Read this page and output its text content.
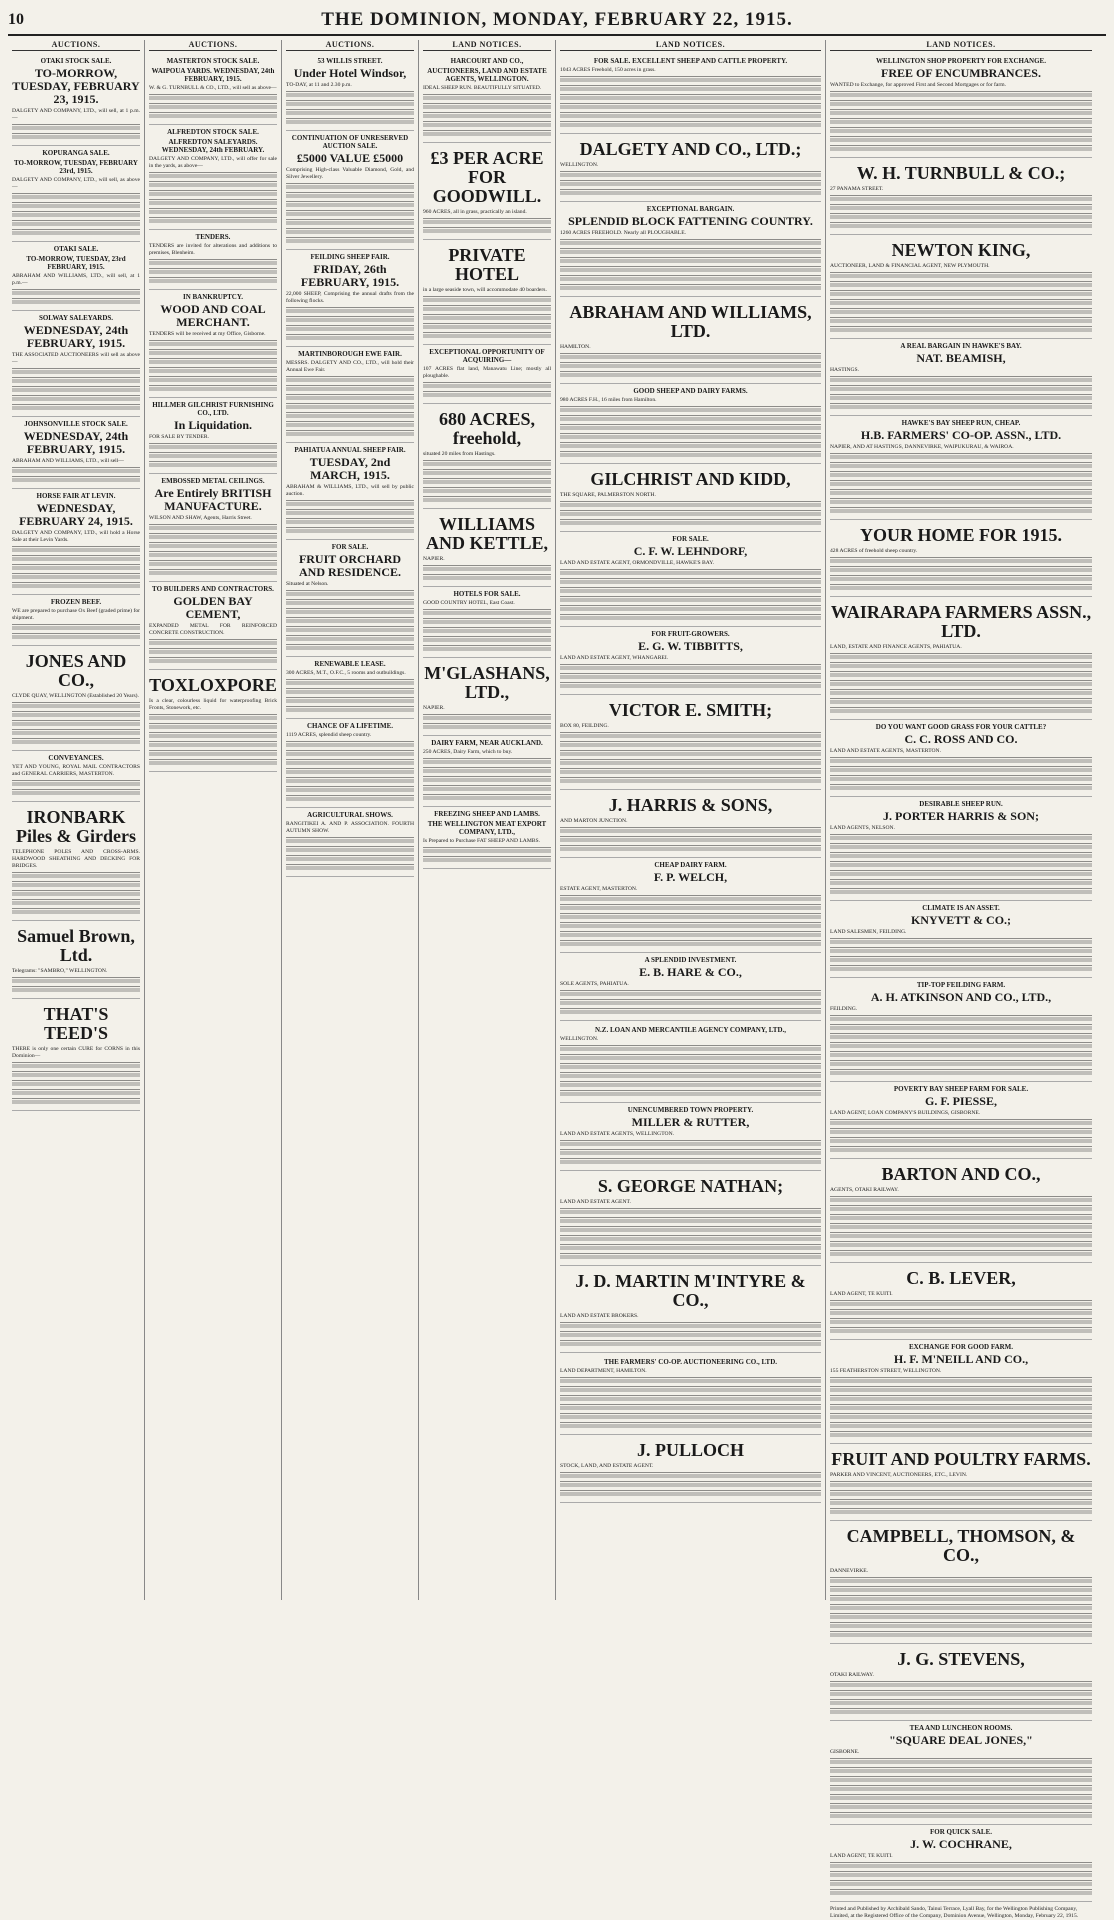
10	THE DOMINION, MONDAY, FEBRUARY 22, 1915.
AUCTIONS.
OTAKI STOCK SALE.
TO-MORROW, TUESDAY, FEBRUARY 23, 1915.

DALGETY AND COMPANY, LTD., will sell, at 1 p.m.—

KOPURANGA SALE.
TO-MORROW, TUESDAY, FEBRUARY 23rd, 1915.

DALGETY AND COMPANY, LTD., will sell, as above—

OTAKI SALE.
TO-MORROW, TUESDAY, 23rd FEBRUARY, 1915.

ABRAHAM AND WILLIAMS, LTD., will sell, at 1 p.m.—

SOLWAY SALEYARDS.
WEDNESDAY, 24th FEBRUARY, 1915.

THE ASSOCIATED AUCTIONEERS will sell as above—

JOHNSONVILLE STOCK SALE.
WEDNESDAY, 24th FEBRUARY, 1915.

ABRAHAM AND WILLIAMS, LTD., will sell—

HORSE FAIR AT LEVIN.
WEDNESDAY, FEBRUARY 24, 1915.

DALGETY AND COMPANY, LTD., will hold a Horse Sale at their Levin Yards.

FROZEN BEEF.

WE are prepared to purchase Ox Beef (graded prime) for shipment.

JONES AND CO.,

CLYDE QUAY, WELLINGTON (Established 20 Years).

CONVEYANCES.

YET AND YOUNG, ROYAL MAIL CONTRACTORS and GENERAL CARRIERS, MASTERTON.

IRONBARK Piles & Girders

TELEPHONE POLES AND CROSS-ARMS. HARDWOOD SHEATHING AND DECKING FOR BRIDGES.

Samuel Brown, Ltd.

Telegrams: "SAMBRO," WELLINGTON.

THAT'S TEED'S

THERE is only one certain CURE for CORNS in this Dominion—

AUCTIONS.
MASTERTON STOCK SALE.
WAIPOUA YARDS. WEDNESDAY, 24th FEBRUARY, 1915.

W. & G. TURNBULL & CO., LTD., will sell as above—

ALFREDTON STOCK SALE.
ALFREDTON SALEYARDS. WEDNESDAY, 24th FEBRUARY.

DALGETY AND COMPANY, LTD., will offer for sale in the yards, as above—

TENDERS.

TENDERS are invited for alterations and additions to premises, Blenheim.

IN BANKRUPTCY.
WOOD AND COAL MERCHANT.

TENDERS will be received at my Office, Gisborne.

HILLMER GILCHRIST FURNISHING CO., LTD.
In Liquidation.

FOR SALE BY TENDER.

EMBOSSED METAL CEILINGS.
Are Entirely BRITISH MANUFACTURE.

WILSON AND SHAW, Agents, Harris Street.

TO BUILDERS AND CONTRACTORS.
GOLDEN BAY CEMENT,

EXPANDED METAL FOR REINFORCED CONCRETE CONSTRUCTION.

TOXLOXPORE

Is a clear, colourless liquid for waterproofing Brick Fronts, Stonework, etc.

AUCTIONS.
53 WILLIS STREET.
Under Hotel Windsor,

TO-DAY, at 11 and 2.30 p.m.

CONTINUATION OF UNRESERVED AUCTION SALE.
£5000 VALUE £5000

Comprising High-class Valuable Diamond, Gold, and Silver Jewellery.

FEILDING SHEEP FAIR.
FRIDAY, 26th FEBRUARY, 1915.

22,000 SHEEP, Comprising the annual drafts from the following flocks.

MARTINBOROUGH EWE FAIR.

MESSRS. DALGETY AND CO., LTD., will hold their Annual Ewe Fair.

PAHIATUA ANNUAL SHEEP FAIR.
TUESDAY, 2nd MARCH, 1915.

ABRAHAM & WILLIAMS, LTD., will sell by public auction.

FOR SALE.
FRUIT ORCHARD AND RESIDENCE.

Situated at Nelson.

RENEWABLE LEASE.

300 ACRES, M.T., O.F.C., 5 rooms and outbuildings.

CHANCE OF A LIFETIME.

1119 ACRES, splendid sheep country.

AGRICULTURAL SHOWS.

RANGITIKEI A. AND P. ASSOCIATION. FOURTH AUTUMN SHOW.

LAND NOTICES.
HARCOURT AND CO.,
AUCTIONEERS, LAND AND ESTATE AGENTS, WELLINGTON.

IDEAL SHEEP RUN. BEAUTIFULLY SITUATED.

£3 PER ACRE FOR GOODWILL.

960 ACRES, all in grass, practically an island.

PRIVATE HOTEL

in a large seaside town, will accommodate 40 boarders.

EXCEPTIONAL OPPORTUNITY OF ACQUIRING—

107 ACRES flat land, Manawatu Line; mostly all ploughable.

680 ACRES, freehold,

situated 20 miles from Hastings.

WILLIAMS AND KETTLE,

NAPIER.

HOTELS FOR SALE.

GOOD COUNTRY HOTEL, East Coast.

M'GLASHANS, LTD.,

NAPIER.

DAIRY FARM, NEAR AUCKLAND.

250 ACRES, Dairy Farm, which to buy.

FREEZING SHEEP AND LAMBS.
THE WELLINGTON MEAT EXPORT COMPANY, LTD.,

Is Prepared to Purchase FAT SHEEP AND LAMBS.

LAND NOTICES.
FOR SALE. EXCELLENT SHEEP AND CATTLE PROPERTY.

1043 ACRES Freehold, 150 acres in grass.

DALGETY AND CO., LTD.;

WELLINGTON.

EXCEPTIONAL BARGAIN.
SPLENDID BLOCK FATTENING COUNTRY.

1260 ACRES FREEHOLD. Nearly all PLOUGHABLE.

ABRAHAM AND WILLIAMS, LTD.

HAMILTON.

GOOD SHEEP AND DAIRY FARMS.

980 ACRES F.H., 16 miles from Hamilton.

GILCHRIST AND KIDD,

THE SQUARE, PALMERSTON NORTH.

FOR SALE.
C. F. W. LEHNDORF,

LAND AND ESTATE AGENT, ORMONDVILLE, HAWKE'S BAY.

FOR FRUIT-GROWERS.
E. G. W. TIBBITTS,

LAND AND ESTATE AGENT, WHANGAREI.

VICTOR E. SMITH;

BOX 80, FEILDING.

J. HARRIS & SONS,

AND MARTON JUNCTION.

CHEAP DAIRY FARM.
F. P. WELCH,

ESTATE AGENT, MASTERTON.

A SPLENDID INVESTMENT.
E. B. HARE & CO.,

SOLE AGENTS, PAHIATUA.

N.Z. LOAN AND MERCANTILE AGENCY COMPANY, LTD.,

WELLINGTON.

UNENCUMBERED TOWN PROPERTY.
MILLER & RUTTER,

LAND AND ESTATE AGENTS, WELLINGTON.

S. GEORGE NATHAN;

LAND AND ESTATE AGENT.

J. D. MARTIN M'INTYRE & CO.,

LAND AND ESTATE BROKERS.

THE FARMERS' CO-OP. AUCTIONEERING CO., LTD.

LAND DEPARTMENT, HAMILTON.

J. PULLOCH

STOCK, LAND, AND ESTATE AGENT.

LAND NOTICES.
WELLINGTON SHOP PROPERTY FOR EXCHANGE.
FREE OF ENCUMBRANCES.

WANTED to Exchange, for approved First and Second Mortgages or for farm.

W. H. TURNBULL & CO.;

27 PANAMA STREET.

NEWTON KING,

AUCTIONEER, LAND & FINANCIAL AGENT, NEW PLYMOUTH.

A REAL BARGAIN IN HAWKE'S BAY.
NAT. BEAMISH,

HASTINGS.

HAWKE'S BAY SHEEP RUN, CHEAP.
H.B. FARMERS' CO-OP. ASSN., LTD.

NAPIER, AND AT HASTINGS, DANNEVIRKE, WAIPUKURAU, & WAIROA.

YOUR HOME FOR 1915.

428 ACRES of freehold sheep country.

WAIRARAPA FARMERS ASSN., LTD.

LAND, ESTATE AND FINANCE AGENTS, PAHIATUA.

DO YOU WANT GOOD GRASS FOR YOUR CATTLE?
C. C. ROSS AND CO.

LAND AND ESTATE AGENTS, MASTERTON.

DESIRABLE SHEEP RUN.
J. PORTER HARRIS & SON;

LAND AGENTS, NELSON.

CLIMATE IS AN ASSET.
KNYVETT & CO.;

LAND SALESMEN, FEILDING.

TIP-TOP FEILDING FARM.
A. H. ATKINSON AND CO., LTD.,

FEILDING.

POVERTY BAY SHEEP FARM FOR SALE.
G. F. PIESSE,

LAND AGENT, LOAN COMPANY'S BUILDINGS, GISBORNE.

BARTON AND CO.,

AGENTS, OTAKI RAILWAY.

C. B. LEVER,

LAND AGENT, TE KUITI.

EXCHANGE FOR GOOD FARM.
H. F. M'NEILL AND CO.,

155 FEATHERSTON STREET, WELLINGTON.

FRUIT AND POULTRY FARMS.

PARKER AND VINCENT, AUCTIONEERS, ETC., LEVIN.

CAMPBELL, THOMSON, & CO.,

DANNEVIRKE.

J. G. STEVENS,

OTAKI RAILWAY.

TEA AND LUNCHEON ROOMS.
"SQUARE DEAL JONES,"

GISBORNE.

FOR QUICK SALE.
J. W. COCHRANE,

LAND AGENT, TE KUITI.

Printed and Published by Archibald Sando, Tainui Terrace, Lyall Bay, for the Wellington Publishing Company, Limited, at the Registered Office of the Company, Dominion Avenue, Wellington, Monday, February 22, 1915.
